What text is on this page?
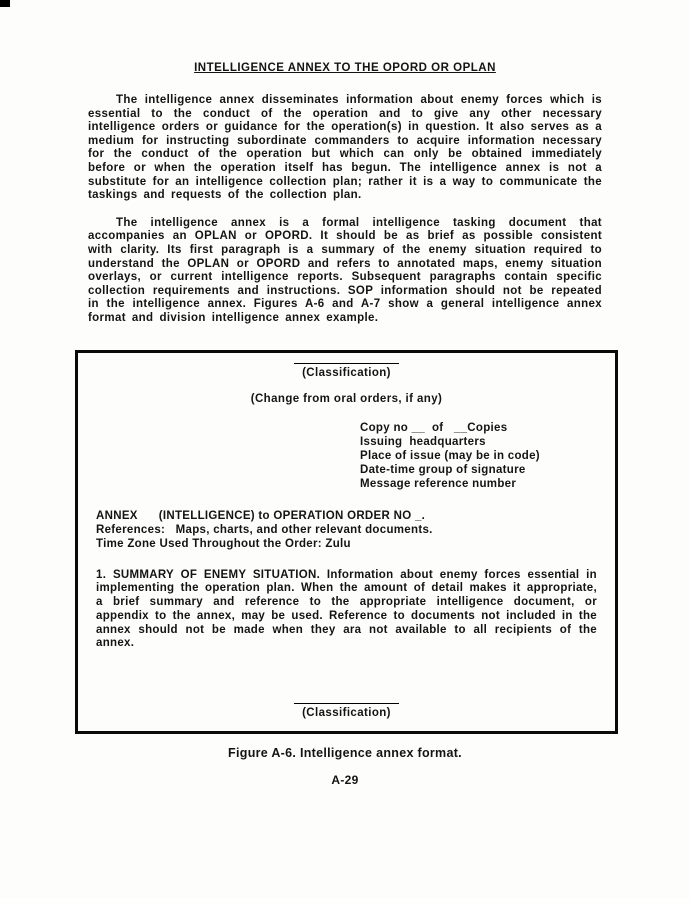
INTELLIGENCE ANNEX TO THE OPORD OR OPLAN

The intelligence annex disseminates information about enemy forces which is essential to the conduct of the operation and to give any other necessary intelligence orders or guidance for the operation(s) in question. It also serves as a medium for instructing subordinate commanders to acquire information necessary for the conduct of the operation but which can only be obtained immediately before or when the operation itself has begun. The intelligence annex is not a substitute for an intelligence collection plan; rather it is a way to communicate the taskings and requests of the collection plan.

The intelligence annex is a formal intelligence tasking document that accompanies an OPLAN or OPORD. It should be as brief as possible consistent with clarity. Its first paragraph is a summary of the enemy situation required to understand the OPLAN or OPORD and refers to annotated maps, enemy situation overlays, or current intelligence reports. Subsequent paragraphs contain specific collection requirements and instructions. SOP information should not be repeated in the intelligence annex. Figures A-6 and A-7 show a general intelligence annex format and division intelligence annex example.

(Classification)
(Change from oral orders, if any)
Copy no __  of   __Copies
Issuing  headquarters
Place of issue (may be in code)
Date-time group of signature
Message reference number
ANNEX      (INTELLIGENCE) to OPERATION ORDER NO _.
References:   Maps, charts, and other relevant documents.
Time Zone Used Throughout the Order: Zulu

1. SUMMARY OF ENEMY SITUATION. Information about enemy forces essential in implementing the operation plan. When the amount of detail makes it appropriate, a brief summary and reference to the appropriate intelligence document, or appendix to the annex, may be used. Reference to documents not included in the annex should not be made when they ara not available to all recipients of the annex.

(Classification)
Figure A-6. Intelligence annex format.
A-29
